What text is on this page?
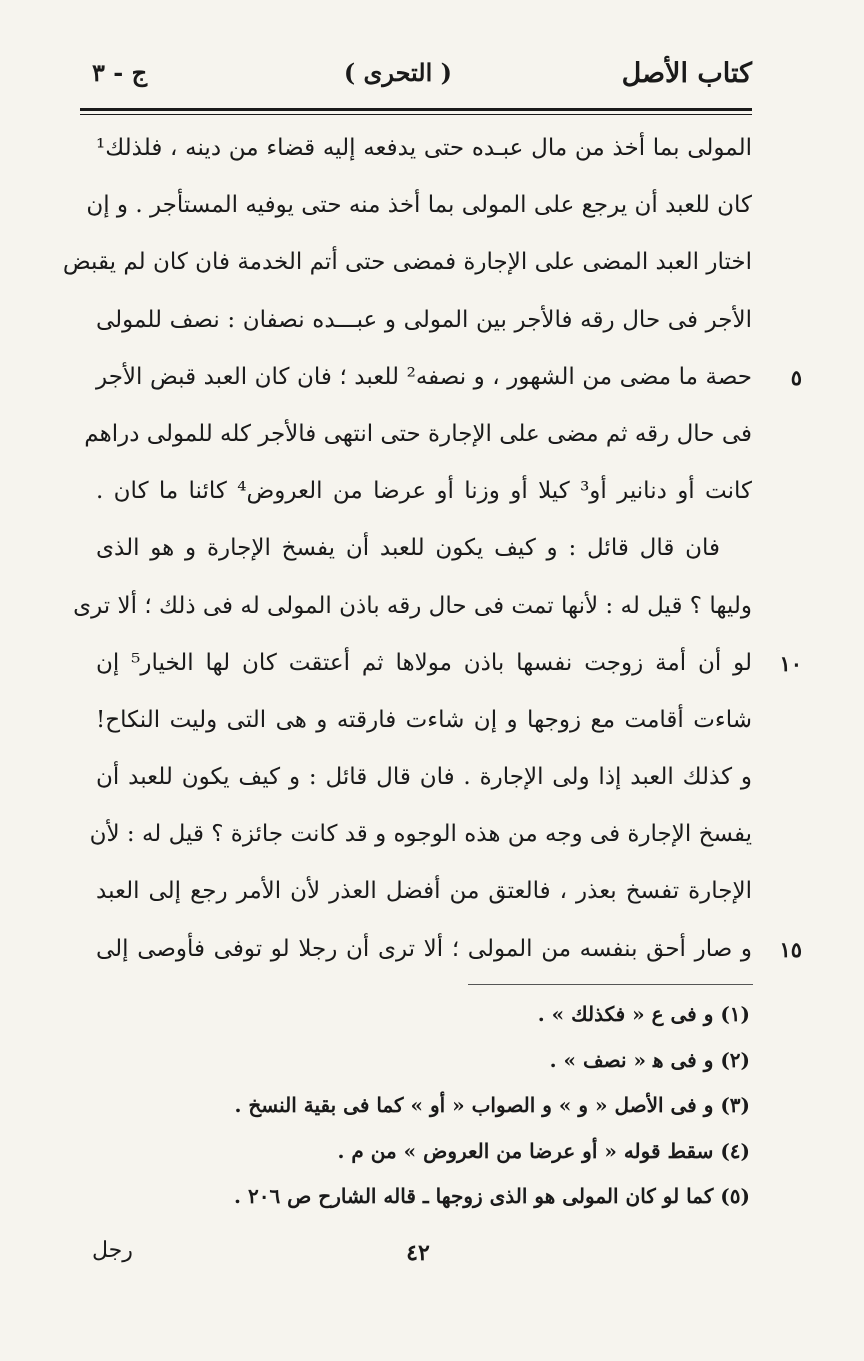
كتاب الأصل
( التحرى )
ج - ٣
المولى بما أخذ من مال عبـده حتى يدفعه إليه قضاء من دينه ، فلذلك¹
كان للعبد أن يرجع على المولى بما أخذ منه حتى يوفيه المستأجر . و إن
اختار العبد المضى على الإجارة فمضى حتى أتم الخدمة فان كان لم يقبض
الأجر فى حال رقه فالأجر بين المولى و عبـــده نصفان : نصف للمولى
حصة ما مضى من الشهور ، و نصفه² للعبد ؛ فان كان العبد قبض الأجر	٥
فى حال رقه ثم مضى على الإجارة حتى انتهى فالأجر كله للمولى دراهم
كانت أو دنانير أو³ كيلا أو وزنا أو عرضا من العروض⁴ كائنا ما كان .
فان قال قائل : و كيف يكون للعبد أن يفسخ الإجارة و هو الذى
وليها ؟ قيل له : لأنها تمت فى حال رقه باذن المولى له فى ذلك ؛ ألا ترى
لو أن أمة زوجت نفسها باذن مولاها ثم أعتقت كان لها الخيار⁵ إن	١٠
شاءت أقامت مع زوجها و إن شاءت فارقته و هى التى وليت النكاح!
و كذلك العبد إذا ولى الإجارة . فان قال قائل : و كيف يكون للعبد أن
يفسخ الإجارة فى وجه من هذه الوجوه و قد كانت جائزة ؟ قيل له : لأن
الإجارة تفسخ بعذر ، فالعتق من أفضل العذر لأن الأمر رجع إلى العبد
و صار أحق بنفسه من المولى ؛ ألا ترى أن رجلا لو توفى فأوصى إلى	١٥
(١) و فى ع « فكذلك » .
(٢) و فى ﻫ « نصف » .
(٣) و فى الأصل « و » و الصواب « أو » كما فى بقية النسخ .
(٤) سقط قوله « أو عرضا من العروض » من م .
(٥) كما لو كان المولى هو الذى زوجها ـ قاله الشارح ص ٢٠٦ .
٤٢
رجل
